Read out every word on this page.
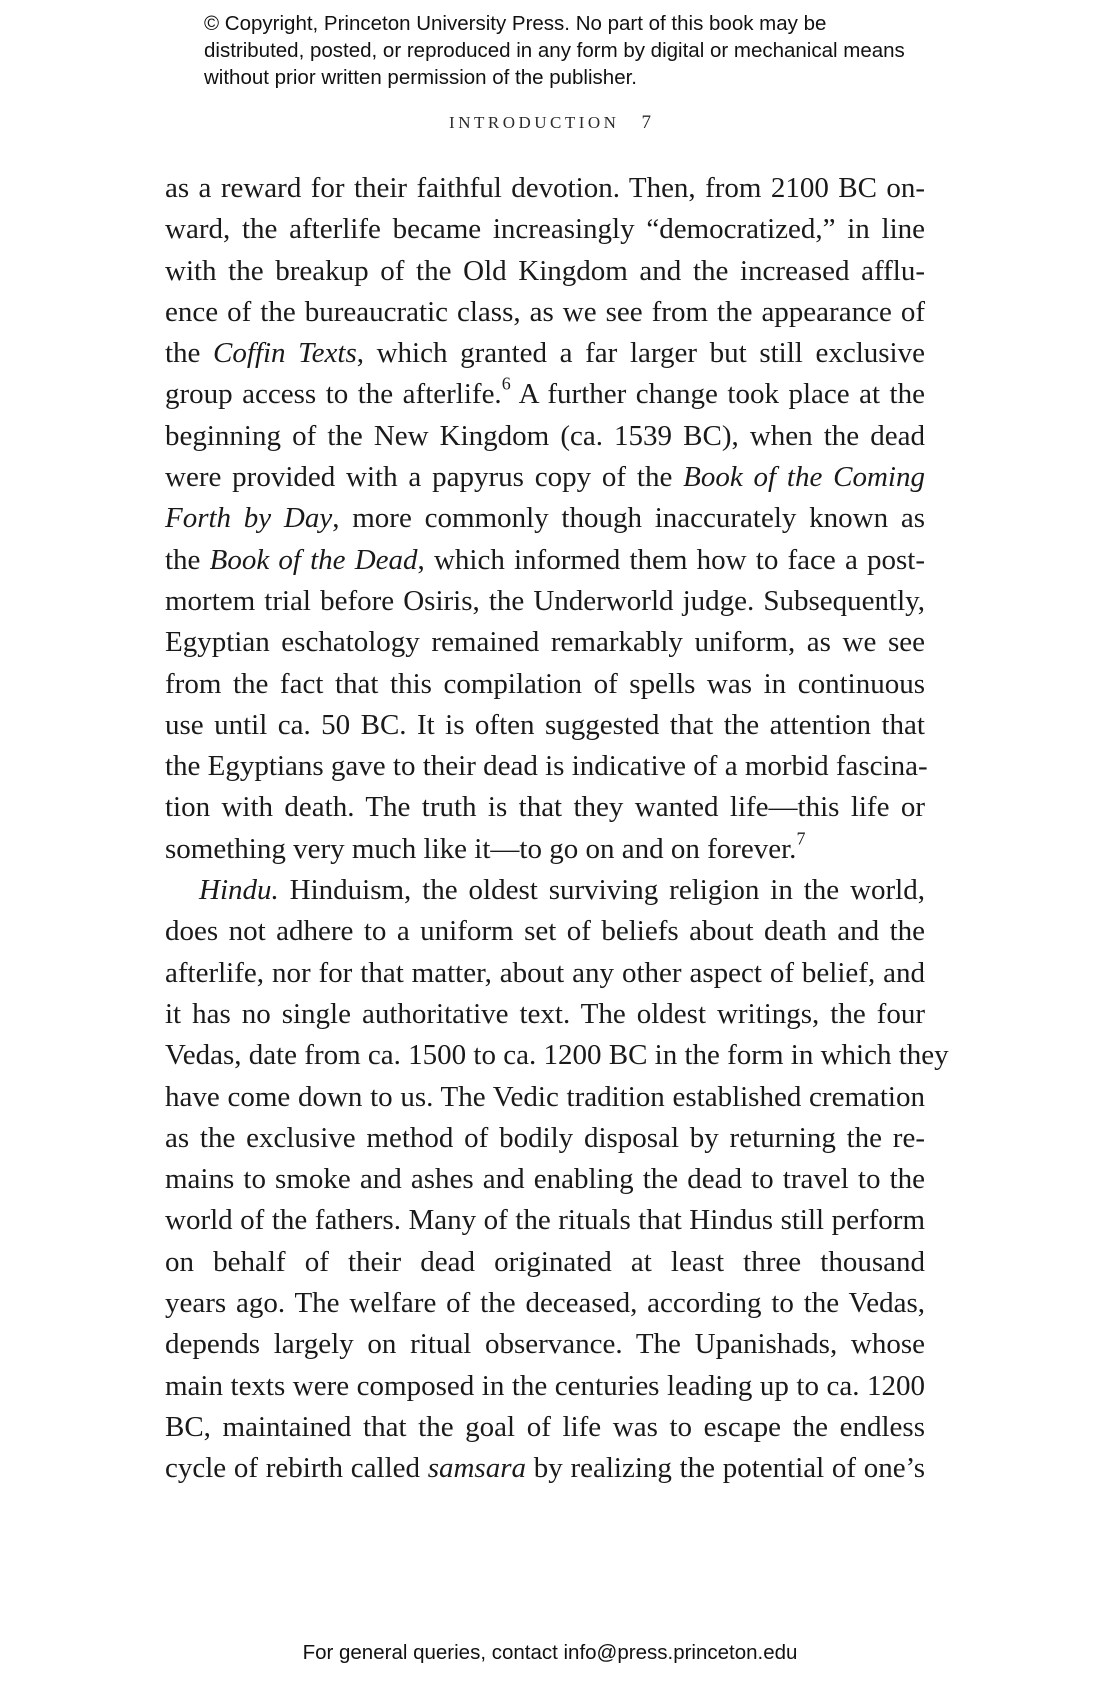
© Copyright, Princeton University Press. No part of this book may be distributed, posted, or reproduced in any form by digital or mechanical means without prior written permission of the publisher.
INTRODUCTION 7
as a reward for their faithful devotion. Then, from 2100 BC on-
ward, the afterlife became increasingly “democratized,” in line
with the breakup of the Old Kingdom and the increased afflu-
ence of the bureaucratic class, as we see from the appearance of
the Coffin Texts, which granted a far larger but still exclusive
group access to the afterlife.$^6$ A further change took place at the
beginning of the New Kingdom (ca. 1539 BC), when the dead
were provided with a papyrus copy of the Book of the Coming
Forth by Day, more commonly though inaccurately known as
the Book of the Dead, which informed them how to face a post-
mortem trial before Osiris, the Underworld judge. Subsequently,
Egyptian eschatology remained remarkably uniform, as we see
from the fact that this compilation of spells was in continuous
use until ca. 50 BC. It is often suggested that the attention that
the Egyptians gave to their dead is indicative of a morbid fascina-
tion with death. The truth is that they wanted life—this life or
something very much like it—to go on and on forever.$^7$
Hindu. Hinduism, the oldest surviving religion in the world,
does not adhere to a uniform set of beliefs about death and the
afterlife, nor for that matter, about any other aspect of belief, and
it has no single authoritative text. The oldest writings, the four
Vedas, date from ca. 1500 to ca. 1200 BC in the form in which they
have come down to us. The Vedic tradition established cremation
as the exclusive method of bodily disposal by returning the re-
mains to smoke and ashes and enabling the dead to travel to the
world of the fathers. Many of the rituals that Hindus still perform
on behalf of their dead originated at least three thousand
years ago. The welfare of the deceased, according to the Vedas,
depends largely on ritual observance. The Upanishads, whose
main texts were composed in the centuries leading up to ca. 1200
BC, maintained that the goal of life was to escape the endless
cycle of rebirth called samsara by realizing the potential of one’s
For general queries, contact info@press.princeton.edu
